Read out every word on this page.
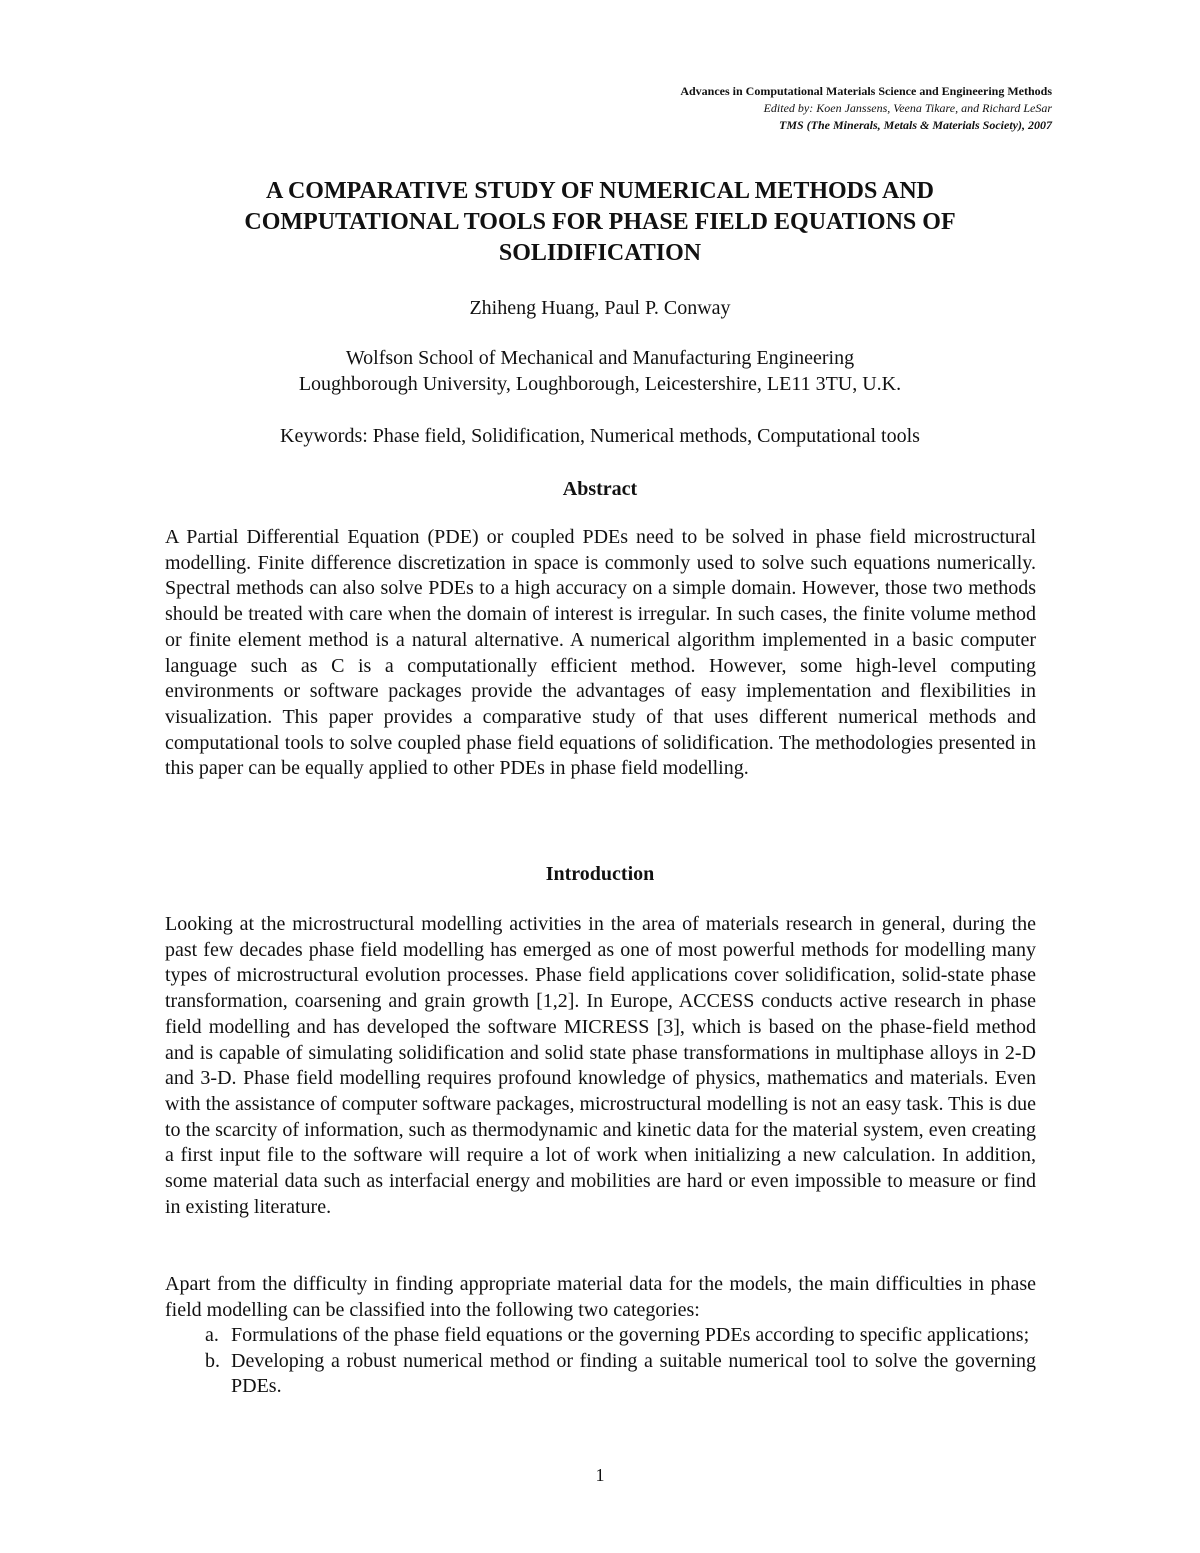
Advances in Computational Materials Science and Engineering Methods
Edited by: Koen Janssens, Veena Tikare, and Richard LeSar
TMS (The Minerals, Metals & Materials Society), 2007
A COMPARATIVE STUDY OF NUMERICAL METHODS AND COMPUTATIONAL TOOLS FOR PHASE FIELD EQUATIONS OF SOLIDIFICATION
Zhiheng Huang, Paul P. Conway
Wolfson School of Mechanical and Manufacturing Engineering
Loughborough University, Loughborough, Leicestershire, LE11 3TU, U.K.
Keywords: Phase field, Solidification, Numerical methods, Computational tools
Abstract

A Partial Differential Equation (PDE) or coupled PDEs need to be solved in phase field microstructural modelling. Finite difference discretization in space is commonly used to solve such equations numerically. Spectral methods can also solve PDEs to a high accuracy on a simple domain. However, those two methods should be treated with care when the domain of interest is irregular. In such cases, the finite volume method or finite element method is a natural alternative. A numerical algorithm implemented in a basic computer language such as C is a computationally efficient method. However, some high-level computing environments or software packages provide the advantages of easy implementation and flexibilities in visualization. This paper provides a comparative study of that uses different numerical methods and computational tools to solve coupled phase field equations of solidification. The methodologies presented in this paper can be equally applied to other PDEs in phase field modelling.

Introduction

Looking at the microstructural modelling activities in the area of materials research in general, during the past few decades phase field modelling has emerged as one of most powerful methods for modelling many types of microstructural evolution processes. Phase field applications cover solidification, solid-state phase transformation, coarsening and grain growth [1,2]. In Europe, ACCESS conducts active research in phase field modelling and has developed the software MICRESS [3], which is based on the phase-field method and is capable of simulating solidification and solid state phase transformations in multiphase alloys in 2-D and 3-D. Phase field modelling requires profound knowledge of physics, mathematics and materials. Even with the assistance of computer software packages, microstructural modelling is not an easy task. This is due to the scarcity of information, such as thermodynamic and kinetic data for the material system, even creating a first input file to the software will require a lot of work when initializing a new calculation. In addition, some material data such as interfacial energy and mobilities are hard or even impossible to measure or find in existing literature.

Apart from the difficulty in finding appropriate material data for the models, the main difficulties in phase field modelling can be classified into the following two categories:

a. Formulations of the phase field equations or the governing PDEs according to specific applications;
b. Developing a robust numerical method or finding a suitable numerical tool to solve the governing PDEs.
1
